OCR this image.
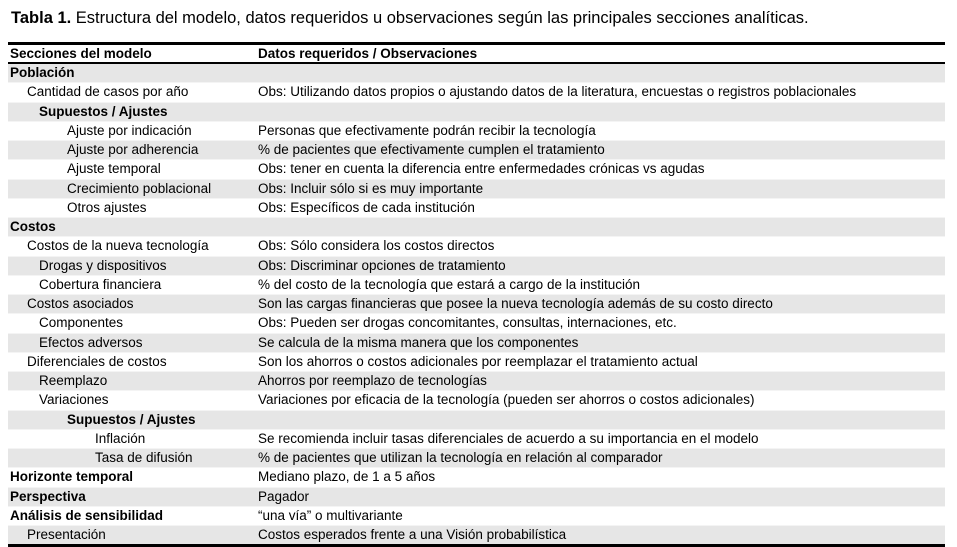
Tabla 1. Estructura del modelo, datos requeridos u observaciones según las principales secciones analíticas.
Secciones del modelo	Datos requeridos / Observaciones
Población
Cantidad de casos por año	Obs: Utilizando datos propios o ajustando datos de la literatura, encuestas o registros poblacionales
Supuestos / Ajustes
Ajuste por indicación	Personas que efectivamente podrán recibir la tecnología
Ajuste por adherencia	% de pacientes que efectivamente cumplen el tratamiento
Ajuste temporal	Obs: tener en cuenta la diferencia entre enfermedades crónicas vs agudas
Crecimiento poblacional	Obs: Incluir sólo si es muy importante
Otros ajustes	Obs: Específicos de cada institución
Costos
Costos de la nueva tecnología	Obs: Sólo considera los costos directos
Drogas y dispositivos	Obs: Discriminar opciones de tratamiento
Cobertura financiera	% del costo de la tecnología que estará a cargo de la institución
Costos asociados	Son las cargas financieras que posee la nueva tecnología además de su costo directo
Componentes	Obs: Pueden ser drogas concomitantes, consultas, internaciones, etc.
Efectos adversos	Se calcula de la misma manera que los componentes
Diferenciales de costos	Son los ahorros o costos adicionales por reemplazar el tratamiento actual
Reemplazo	Ahorros por reemplazo de tecnologías
Variaciones	Variaciones por eficacia de la tecnología (pueden ser ahorros o costos adicionales)
Supuestos / Ajustes
Inflación	Se recomienda incluir tasas diferenciales de acuerdo a su importancia en el modelo
Tasa de difusión	% de pacientes que utilizan la tecnología en relación al comparador
Horizonte temporal	Mediano plazo, de 1 a 5 años
Perspectiva	Pagador
Análisis de sensibilidad	“una vía” o multivariante
Presentación	Costos esperados frente a una Visión probabilística
